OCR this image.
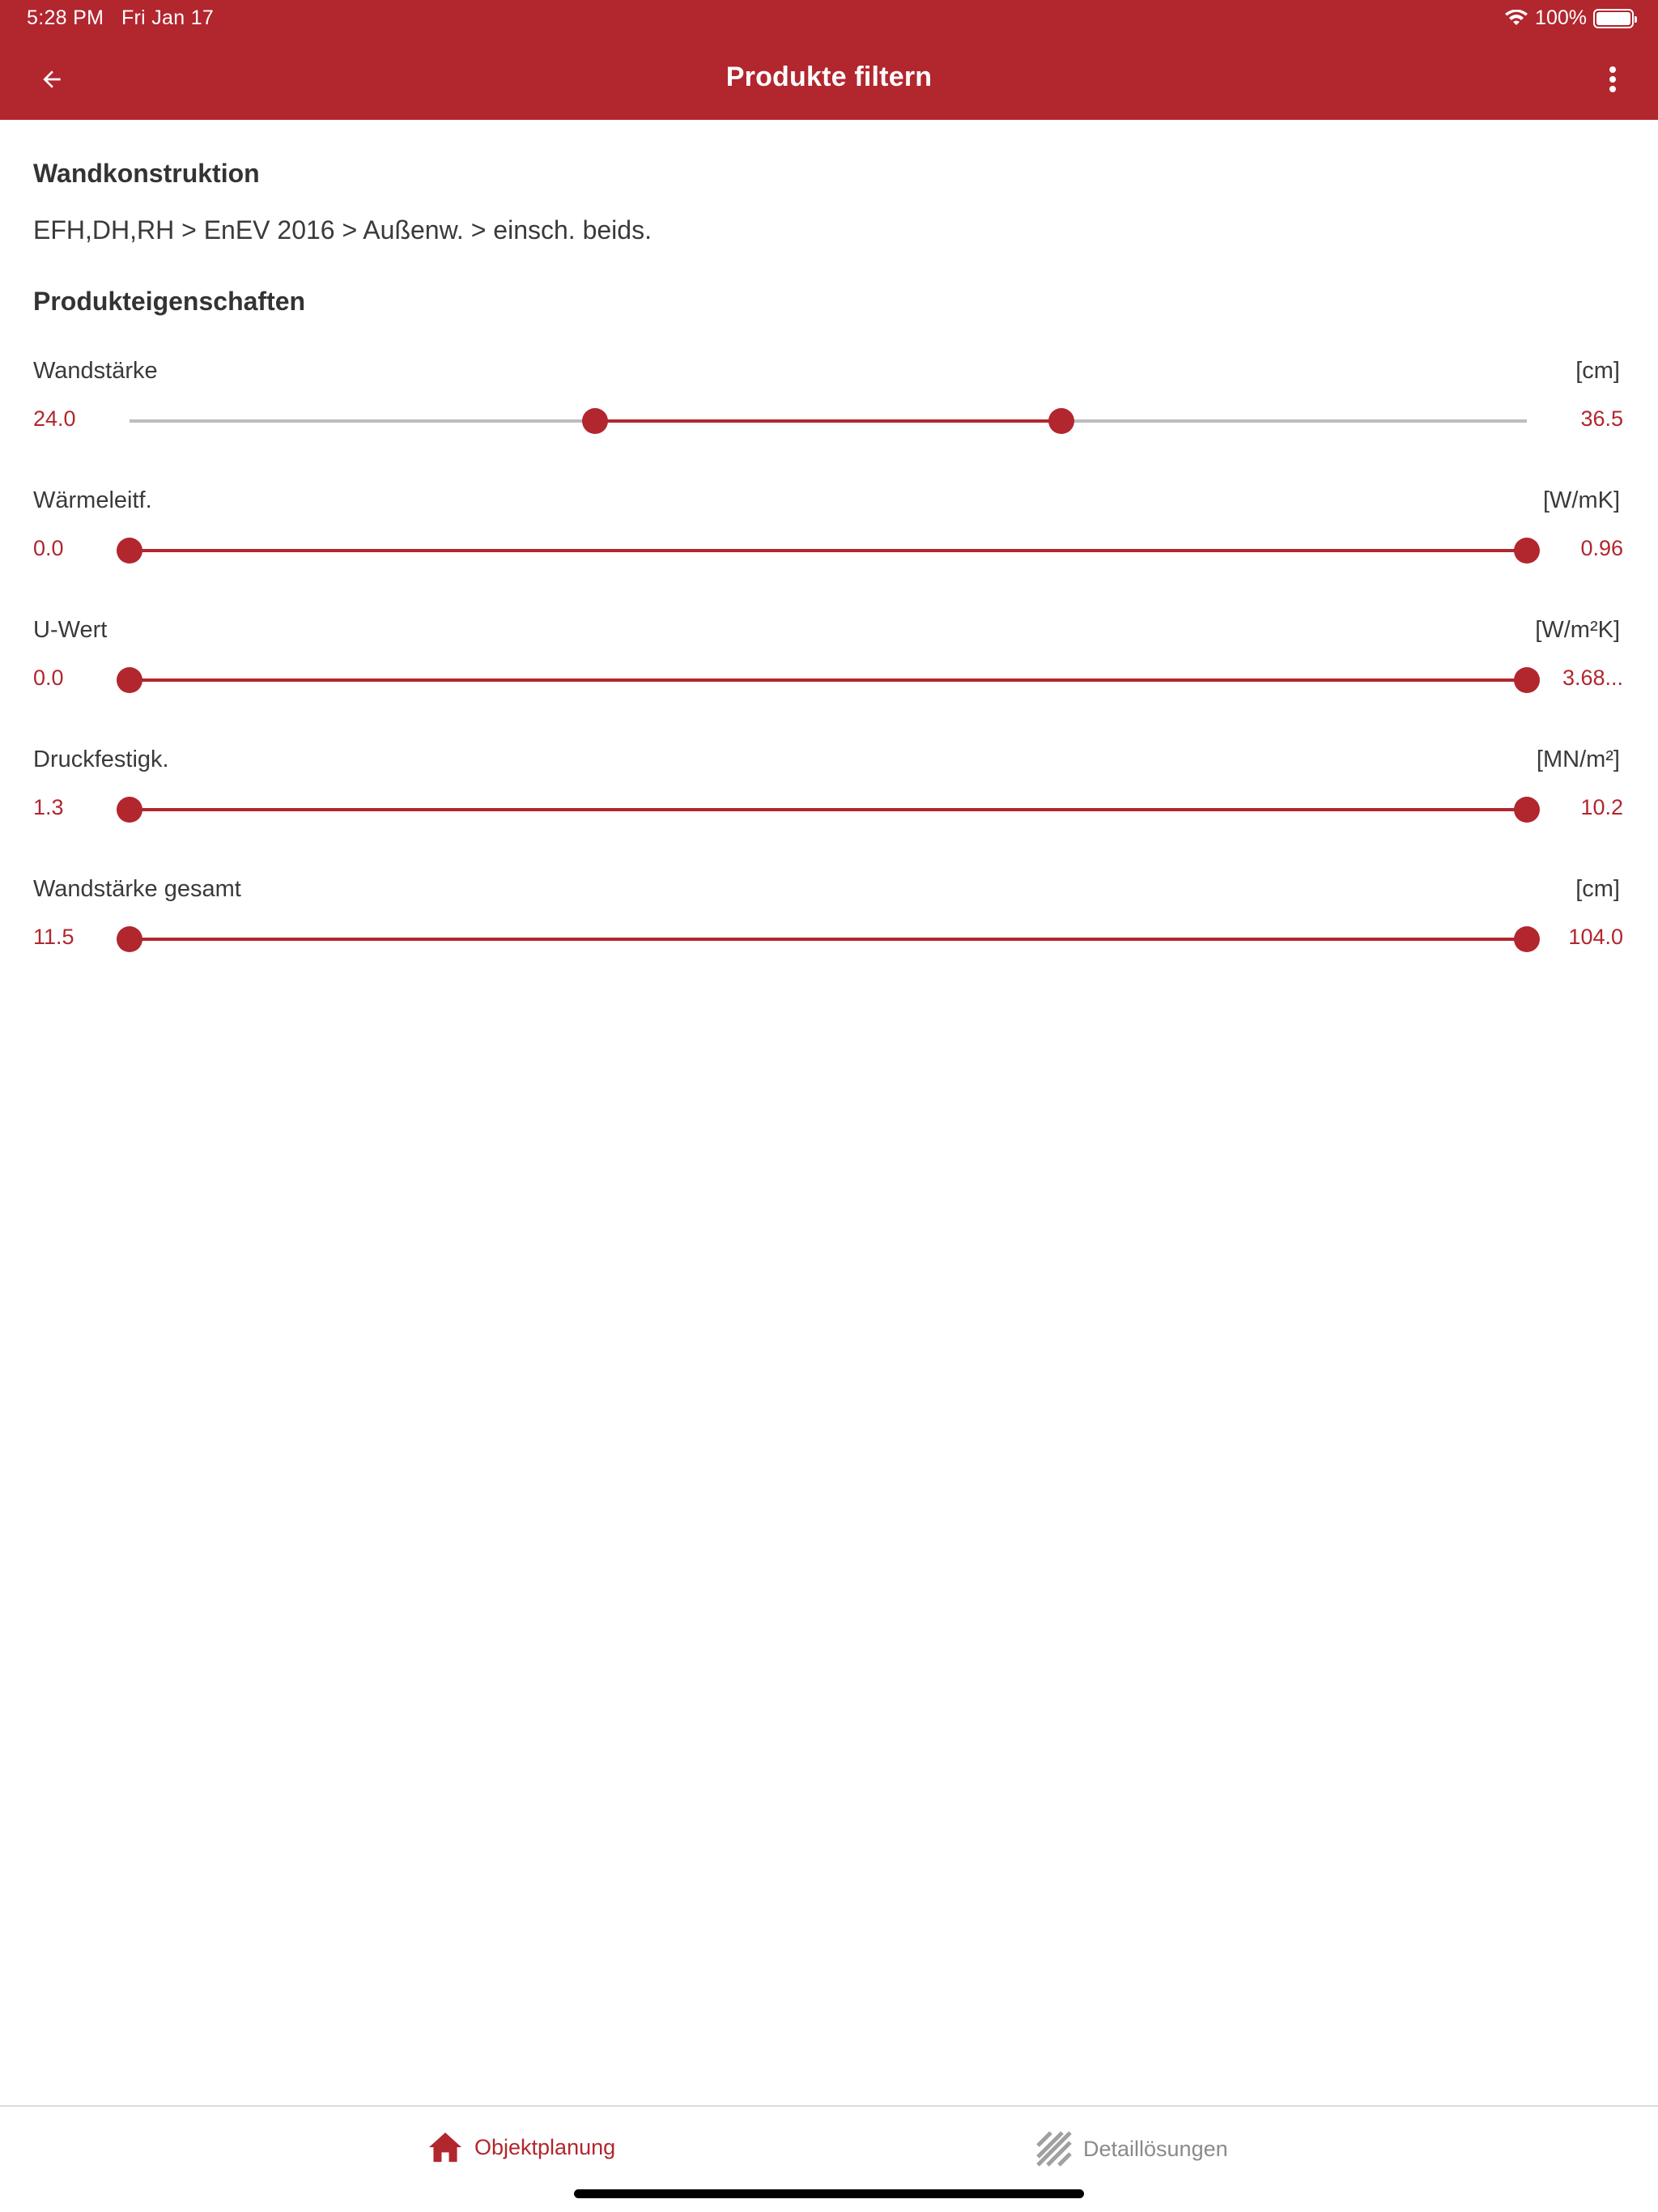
5:28 PM Fri Jan 17	100%
Produkte filtern
Wandkonstruktion
EFH,DH,RH > EnEV 2016 > Außenw. > einsch. beids.
Produkteigenschaften
Wandstärke	[cm]
24.0	36.5
Wärmeleitf.	[W/mK]
0.0	0.96
U-Wert	[W/m²K]
0.0	3.68...
Druckfestigk.	[MN/m²]
1.3	10.2
Wandstärke gesamt	[cm]
11.5	104.0
Objektplanung	Detaillösungen
